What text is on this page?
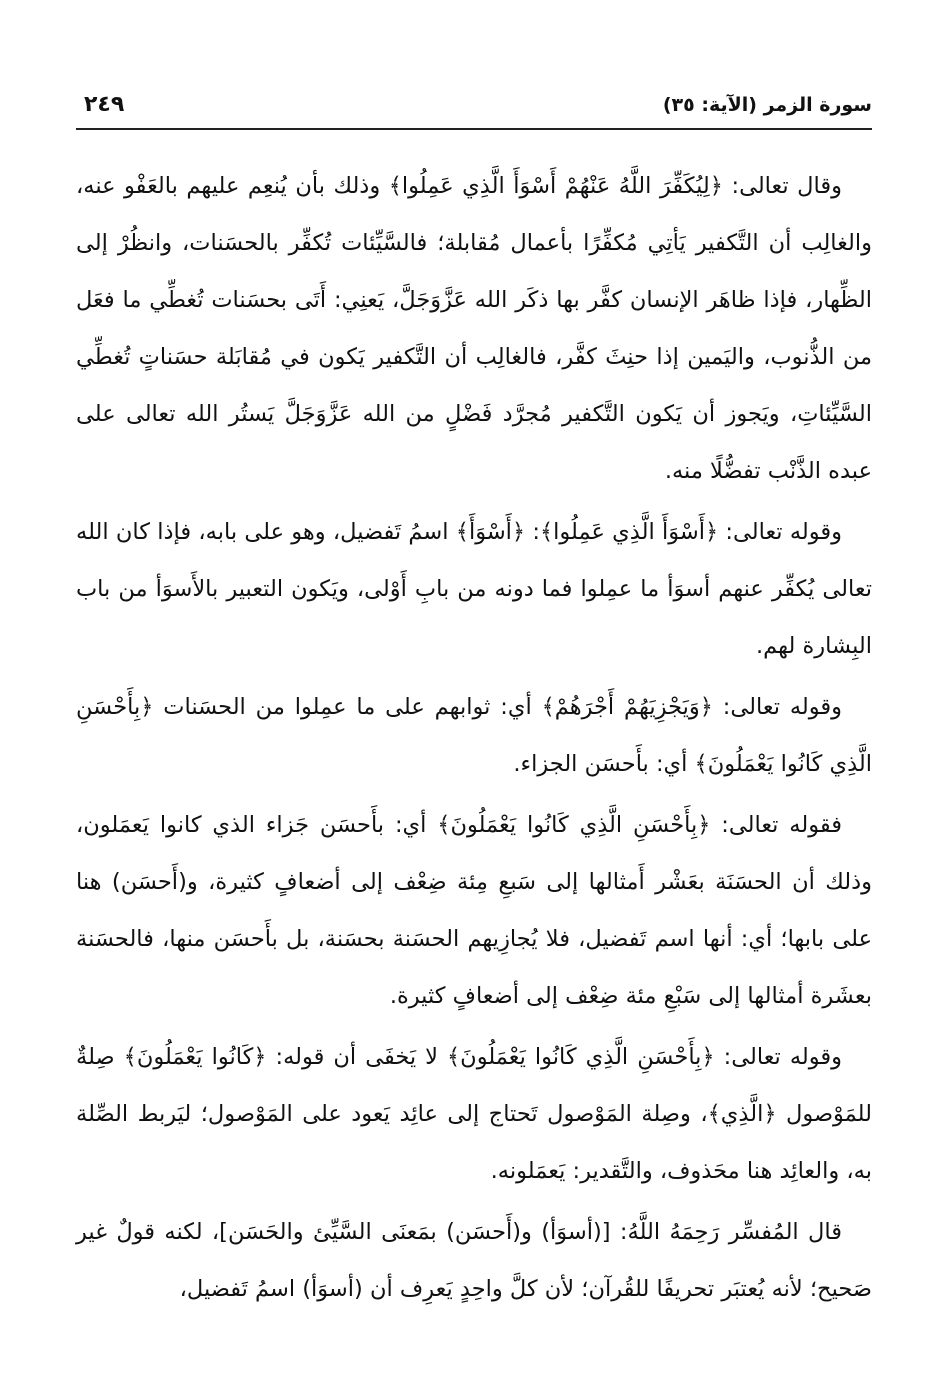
سورة الزمر (الآية: ٣٥)
٢٤٩

وقال تعالى: ﴿لِيُكَفِّرَ اللَّهُ عَنْهُمْ أَسْوَأَ الَّذِي عَمِلُوا﴾ وذلك بأن يُنعِم عليهم بالعَفْو عنه، والغالِب أن التَّكفير يَأتِي مُكفِّرًا بأعمال مُقابلة؛ فالسَّيِّئات تُكفِّر بالحسَنات، وانظُرْ إلى الظِّهار، فإذا ظاهَر الإنسان كفَّر بها ذكَر الله عَزَّوَجَلَّ، يَعنِي: أَتَى بحسَنات تُغطِّي ما فعَل من الذُّنوب، واليَمين إذا حنِثَ كفَّر، فالغالِب أن التَّكفير يَكون في مُقابَلة حسَناتٍ تُغطِّي السَّيِّئاتِ، ويَجوز أن يَكون التَّكفير مُجرَّد فَضْلٍ من الله عَزَّوَجَلَّ يَستُر الله تعالى على عبده الذَّنْب تفضُّلًا منه.

وقوله تعالى: ﴿أَسْوَأَ الَّذِي عَمِلُوا﴾: ﴿أَسْوَأَ﴾ اسمُ تَفضيل، وهو على بابه، فإذا كان الله تعالى يُكفِّر عنهم أسوَأ ما عمِلوا فما دونه من بابِ أَوْلى، ويَكون التعبير بالأَسوَأ من باب البِشارة لهم.

وقوله تعالى: ﴿وَيَجْزِيَهُمْ أَجْرَهُمْ﴾ أي: ثوابهم على ما عمِلوا من الحسَنات ﴿بِأَحْسَنِ الَّذِي كَانُوا يَعْمَلُونَ﴾ أي: بأَحسَن الجزاء.

فقوله تعالى: ﴿بِأَحْسَنِ الَّذِي كَانُوا يَعْمَلُونَ﴾ أي: بأَحسَن جَزاء الذي كانوا يَعمَلون، وذلك أن الحسَنَة بعَشْر أَمثالها إلى سَبعِ مِئة ضِعْف إلى أضعافٍ كثيرة، و(أَحسَن) هنا على بابها؛ أي: أنها اسم تَفضيل، فلا يُجازِيهم الحسَنة بحسَنة، بل بأَحسَن منها، فالحسَنة بعشَرة أمثالها إلى سَبْعِ مئة ضِعْف إلى أضعافٍ كثيرة.

وقوله تعالى: ﴿بِأَحْسَنِ الَّذِي كَانُوا يَعْمَلُونَ﴾ لا يَخفَى أن قوله: ﴿كَانُوا يَعْمَلُونَ﴾ صِلةٌ للمَوْصول ﴿الَّذِي﴾، وصِلة المَوْصول تَحتاج إلى عائِد يَعود على المَوْصول؛ ليَربط الصِّلة به، والعائِد هنا محَذوف، والتَّقدير: يَعمَلونه.

قال المُفسِّر رَحِمَهُ اللَّهُ: [(أسوَأ) و(أَحسَن) بمَعنَى السَّيِّئ والحَسَن]، لكنه قولٌ غير صَحيح؛ لأنه يُعتبَر تحريفًا للقُرآن؛ لأن كلَّ واحِدٍ يَعرِف أن (أسوَأ) اسمُ تَفضيل،
